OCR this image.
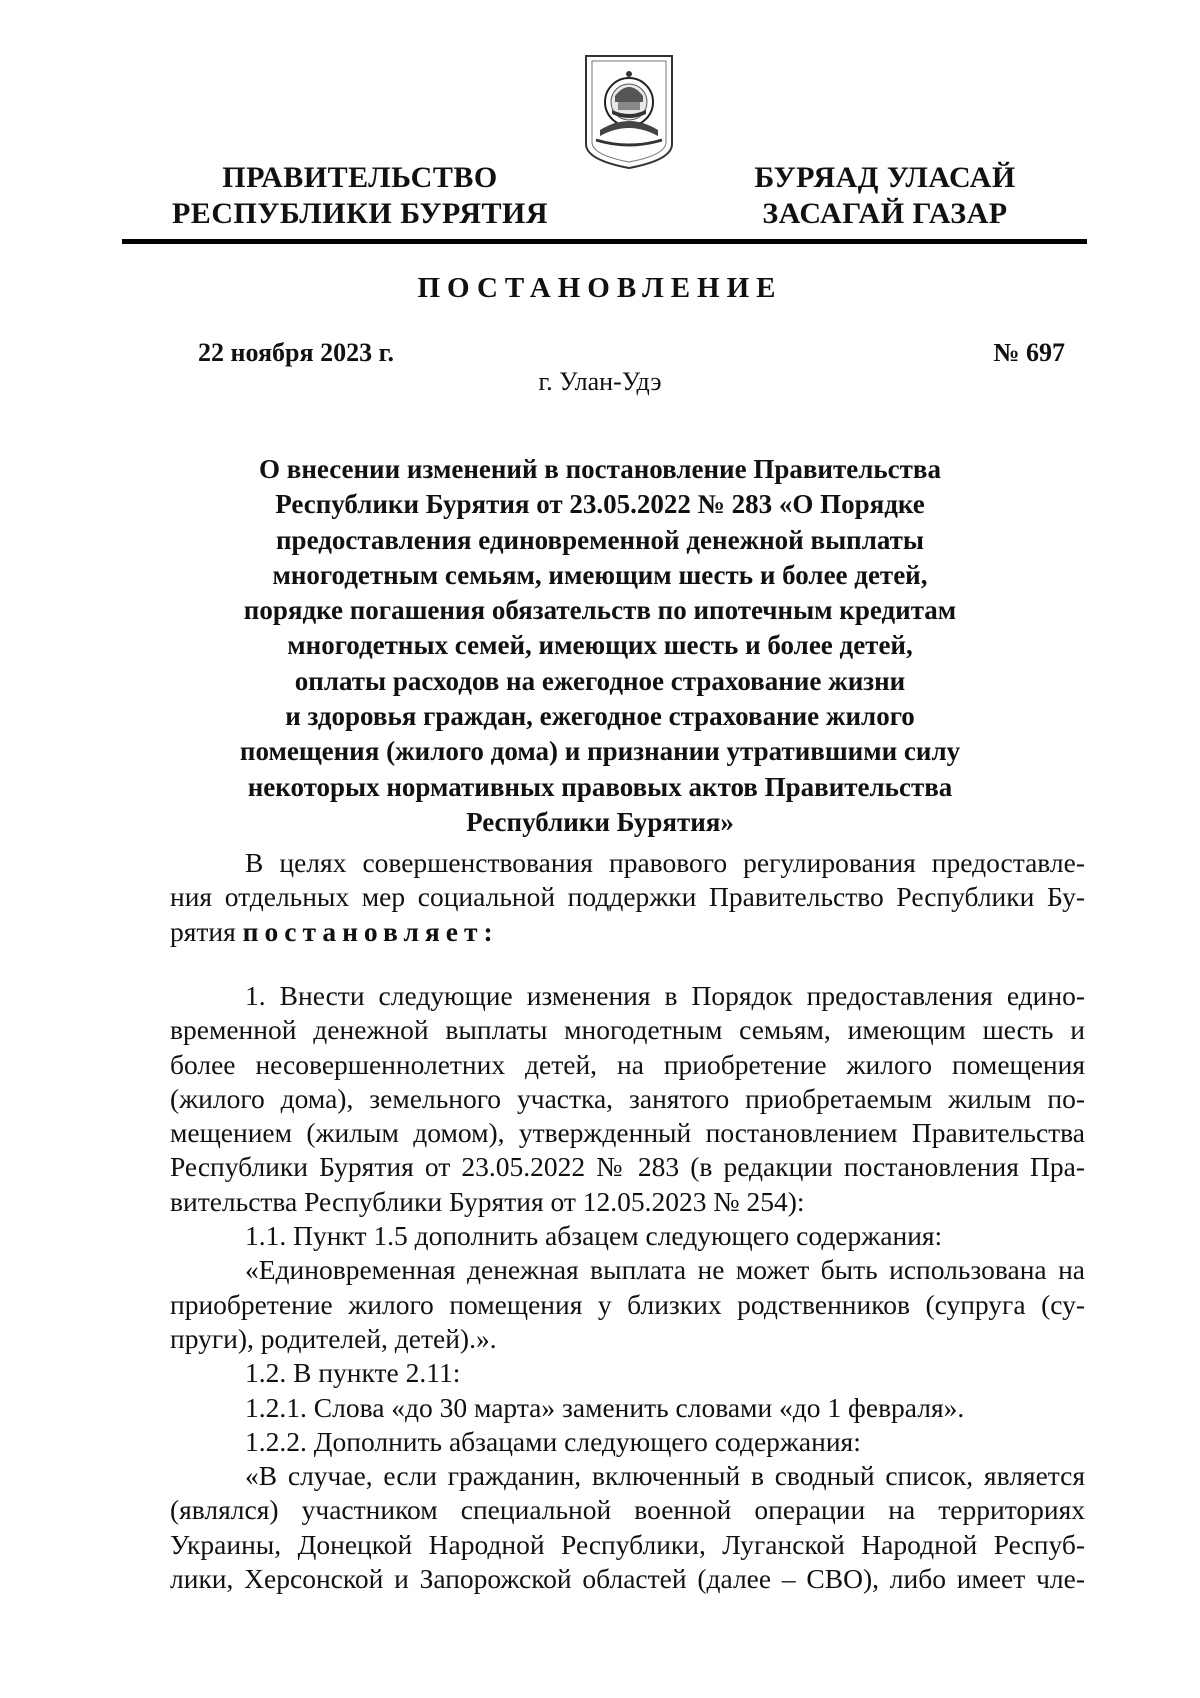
ПРАВИТЕЛЬСТВО
РЕСПУБЛИКИ БУРЯТИЯ
БУРЯАД УЛАСАЙ
ЗАСАГАЙ ГАЗАР
ПОСТАНОВЛЕНИЕ
22 ноября 2023 г.	№ 697
г. Улан-Удэ
О внесении изменений в постановление Правительства
Республики Бурятия от 23.05.2022 № 283 «О Порядке
предоставления единовременной денежной выплаты
многодетным семьям, имеющим шесть и более детей,
порядке погашения обязательств по ипотечным кредитам
многодетных семей, имеющих шесть и более детей,
оплаты расходов на ежегодное страхование жизни
и здоровья граждан, ежегодное страхование жилого
помещения (жилого дома) и признании утратившими силу
некоторых нормативных правовых актов Правительства
Республики Бурятия»
В целях совершенствования правового регулирования предоставле-
ния отдельных мер социальной поддержки Правительство Республики Бу-
рятия постановляет:
1. Внести следующие изменения в Порядок предоставления едино-
временной денежной выплаты многодетным семьям, имеющим шесть и
более несовершеннолетних детей, на приобретение жилого помещения
(жилого дома), земельного участка, занятого приобретаемым жилым по-
мещением (жилым домом), утвержденный постановлением Правительства
Республики Бурятия от 23.05.2022 № 283 (в редакции постановления Пра-
вительства Республики Бурятия от 12.05.2023 № 254):
1.1. Пункт 1.5 дополнить абзацем следующего содержания:
«Единовременная денежная выплата не может быть использована на
приобретение жилого помещения у близких родственников (супруга (су-
пруги), родителей, детей).».
1.2. В пункте 2.11:
1.2.1. Слова «до 30 марта» заменить словами «до 1 февраля».
1.2.2. Дополнить абзацами следующего содержания:
«В случае, если гражданин, включенный в сводный список, является
(являлся) участником специальной военной операции на территориях
Украины, Донецкой Народной Республики, Луганской Народной Респуб-
лики, Херсонской и Запорожской областей (далее – СВО), либо имеет чле-
